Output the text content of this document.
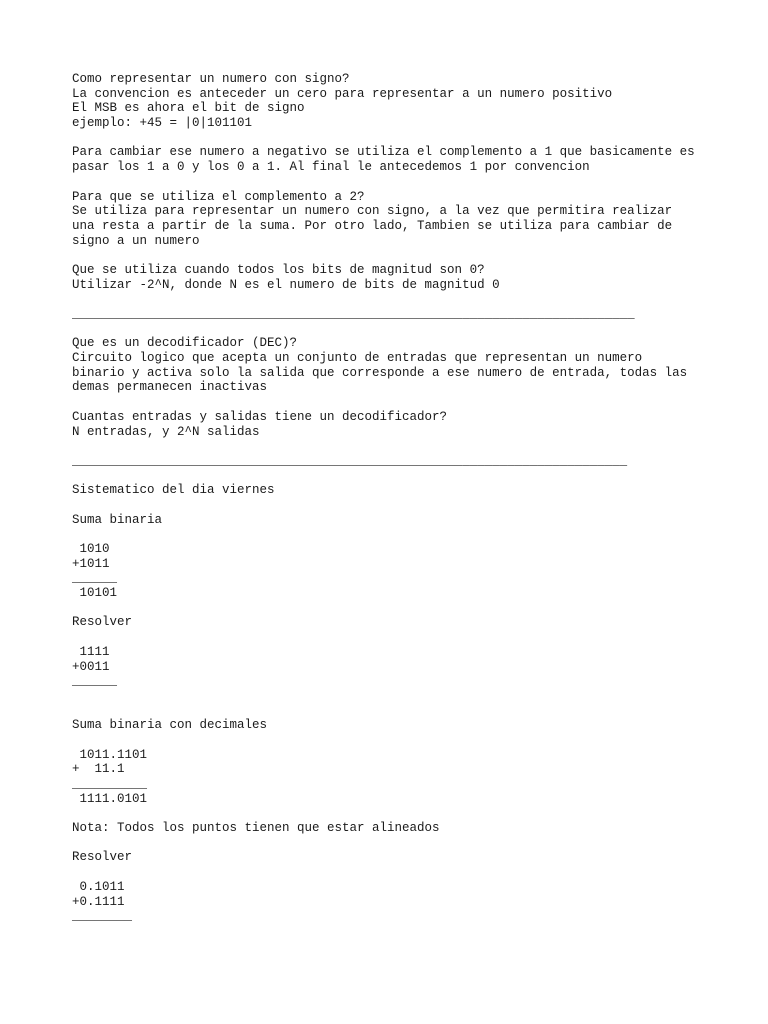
Como representar un numero con signo?
La convencion es anteceder un cero para representar a un numero positivo
El MSB es ahora el bit de signo
ejemplo: +45 = |0|101101
Para cambiar ese numero a negativo se utiliza el complemento a 1 que basicamente es
pasar los 1 a 0 y los 0 a 1. Al final le antecedemos 1 por convencion
Para que se utiliza el complemento a 2?
Se utiliza para representar un numero con signo, a la vez que permitira realizar
una resta a partir de la suma. Por otro lado, Tambien se utiliza para cambiar de
signo a un numero
Que se utiliza cuando todos los bits de magnitud son 0?
Utilizar -2^N, donde N es el numero de bits de magnitud 0
___________________________________________________________________________
Que es un decodificador (DEC)?
Circuito logico que acepta un conjunto de entradas que representan un numero
binario y activa solo la salida que corresponde a ese numero de entrada, todas las
demas permanecen inactivas
Cuantas entradas y salidas tiene un decodificador?
N entradas, y 2^N salidas
__________________________________________________________________________
Sistematico del dia viernes
Suma binaria
1010
+1011
______
10101
Resolver
1111
+0011
______
Suma binaria con decimales
1011.1101
+  11.1
__________
1111.0101
Nota: Todos los puntos tienen que estar alineados
Resolver
0.1011
+0.1111
________
